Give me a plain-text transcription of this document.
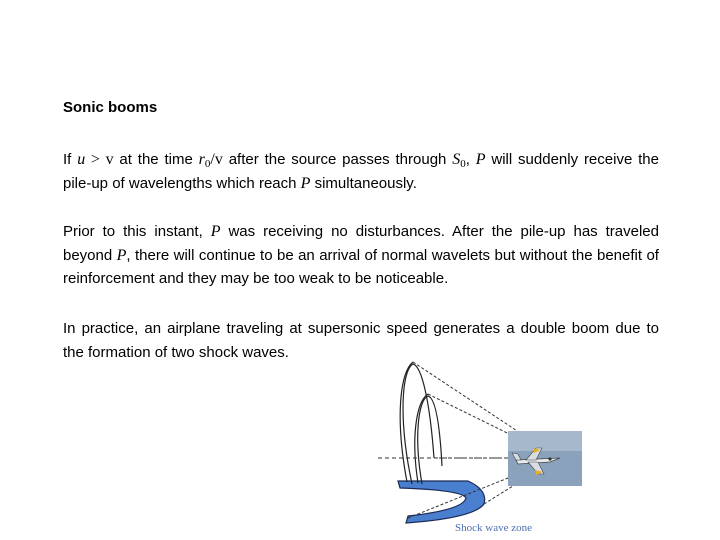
Sonic booms

If u > v at the time $r_0/v$ after the source passes through $S_0$, P will suddenly receive the pile-up of wavelengths which reach P simultaneously.

Prior to this instant, P was receiving no disturbances. After the pile-up has traveled beyond P, there will continue to be an arrival of normal wavelets but without the benefit of reinforcement and they may be too weak to be noticeable.

In practice, an airplane traveling at supersonic speed generates a double boom due to the formation of two shock waves.

Shock wave zone
